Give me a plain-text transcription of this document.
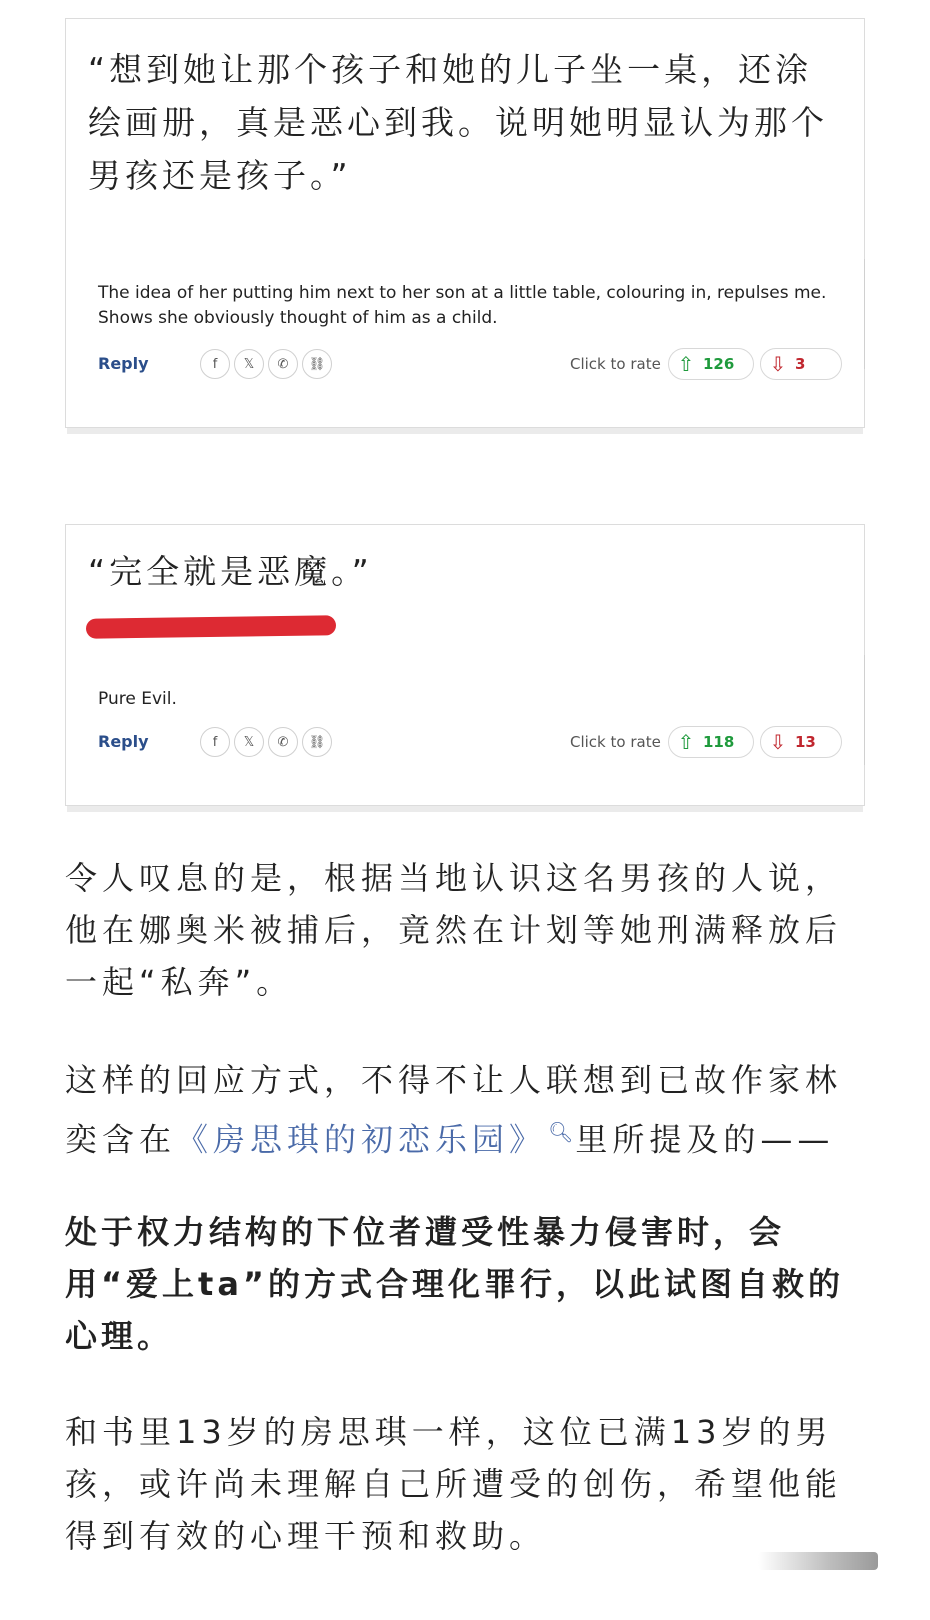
“想到她让那个孩子和她的儿子坐一桌，还涂绘画册，真是恶心到我。说明她明显认为那个男孩还是孩子。”
The idea of her putting him next to her son at a little table, colouring in, repulses me. Shows she obviously thought of him as a child.
Reply	f	𝕏	✆	⛓	Click to rate ⇧ 126	⇩ 3
“完全就是恶魔。”
Pure Evil.
Reply	f	𝕏	✆	⛓	Click to rate ⇧ 118	⇩ 13
令人叹息的是，根据当地认识这名男孩的人说，他在娜奥米被捕后，竟然在计划等她刑满释放后一起“私奔”。
这样的回应方式，不得不让人联想到已故作家林奕含在《房思琪的初恋乐园》 🔍︎里所提及的——
处于权力结构的下位者遭受性暴力侵害时，会用“爱上ta”的方式合理化罪行，以此试图自救的心理。
和书里13岁的房思琪一样，这位已满13岁的男孩，或许尚未理解自己所遭受的创伤，希望他能得到有效的心理干预和救助。
